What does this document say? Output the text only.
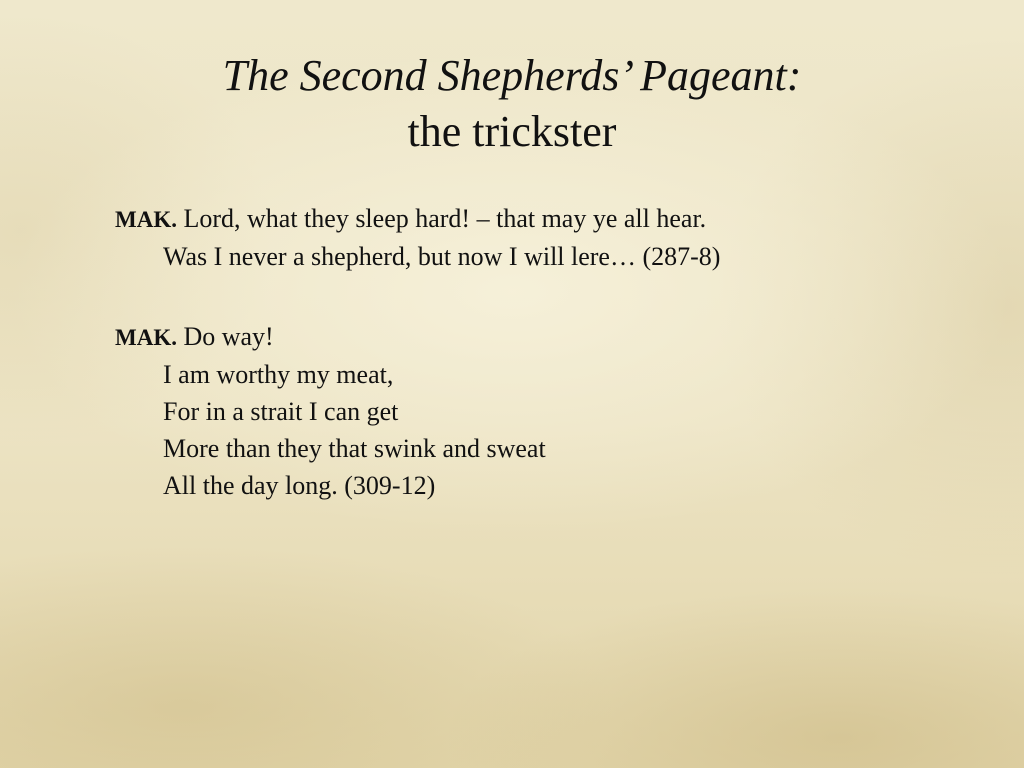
The Second Shepherds’ Pageant:
the trickster

MAK. Lord, what they sleep hard! – that may ye all hear.
Was I never a shepherd, but now I will lere… (287-8)

MAK. Do way!
I am worthy my meat,
For in a strait I can get
More than they that swink and sweat
All the day long. (309-12)
